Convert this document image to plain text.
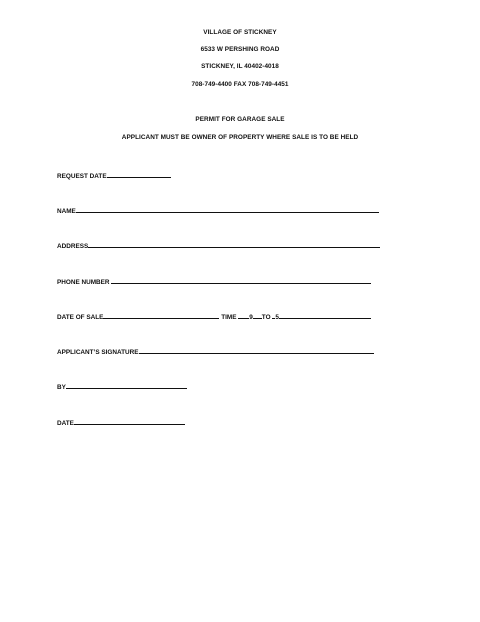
VILLAGE OF STICKNEY
6533 W PERSHING ROAD
STICKNEY, IL 40402-4018
708-749-4400 FAX 708-749-4451
PERMIT FOR GARAGE SALE
APPLICANT MUST BE OWNER OF PROPERTY WHERE SALE IS TO BE HELD
REQUEST DATE
NAME
ADDRESS
PHONE NUMBER
DATE OF SALE	TIME 9 TO 5
APPLICANT’S SIGNATURE
BY
DATE
